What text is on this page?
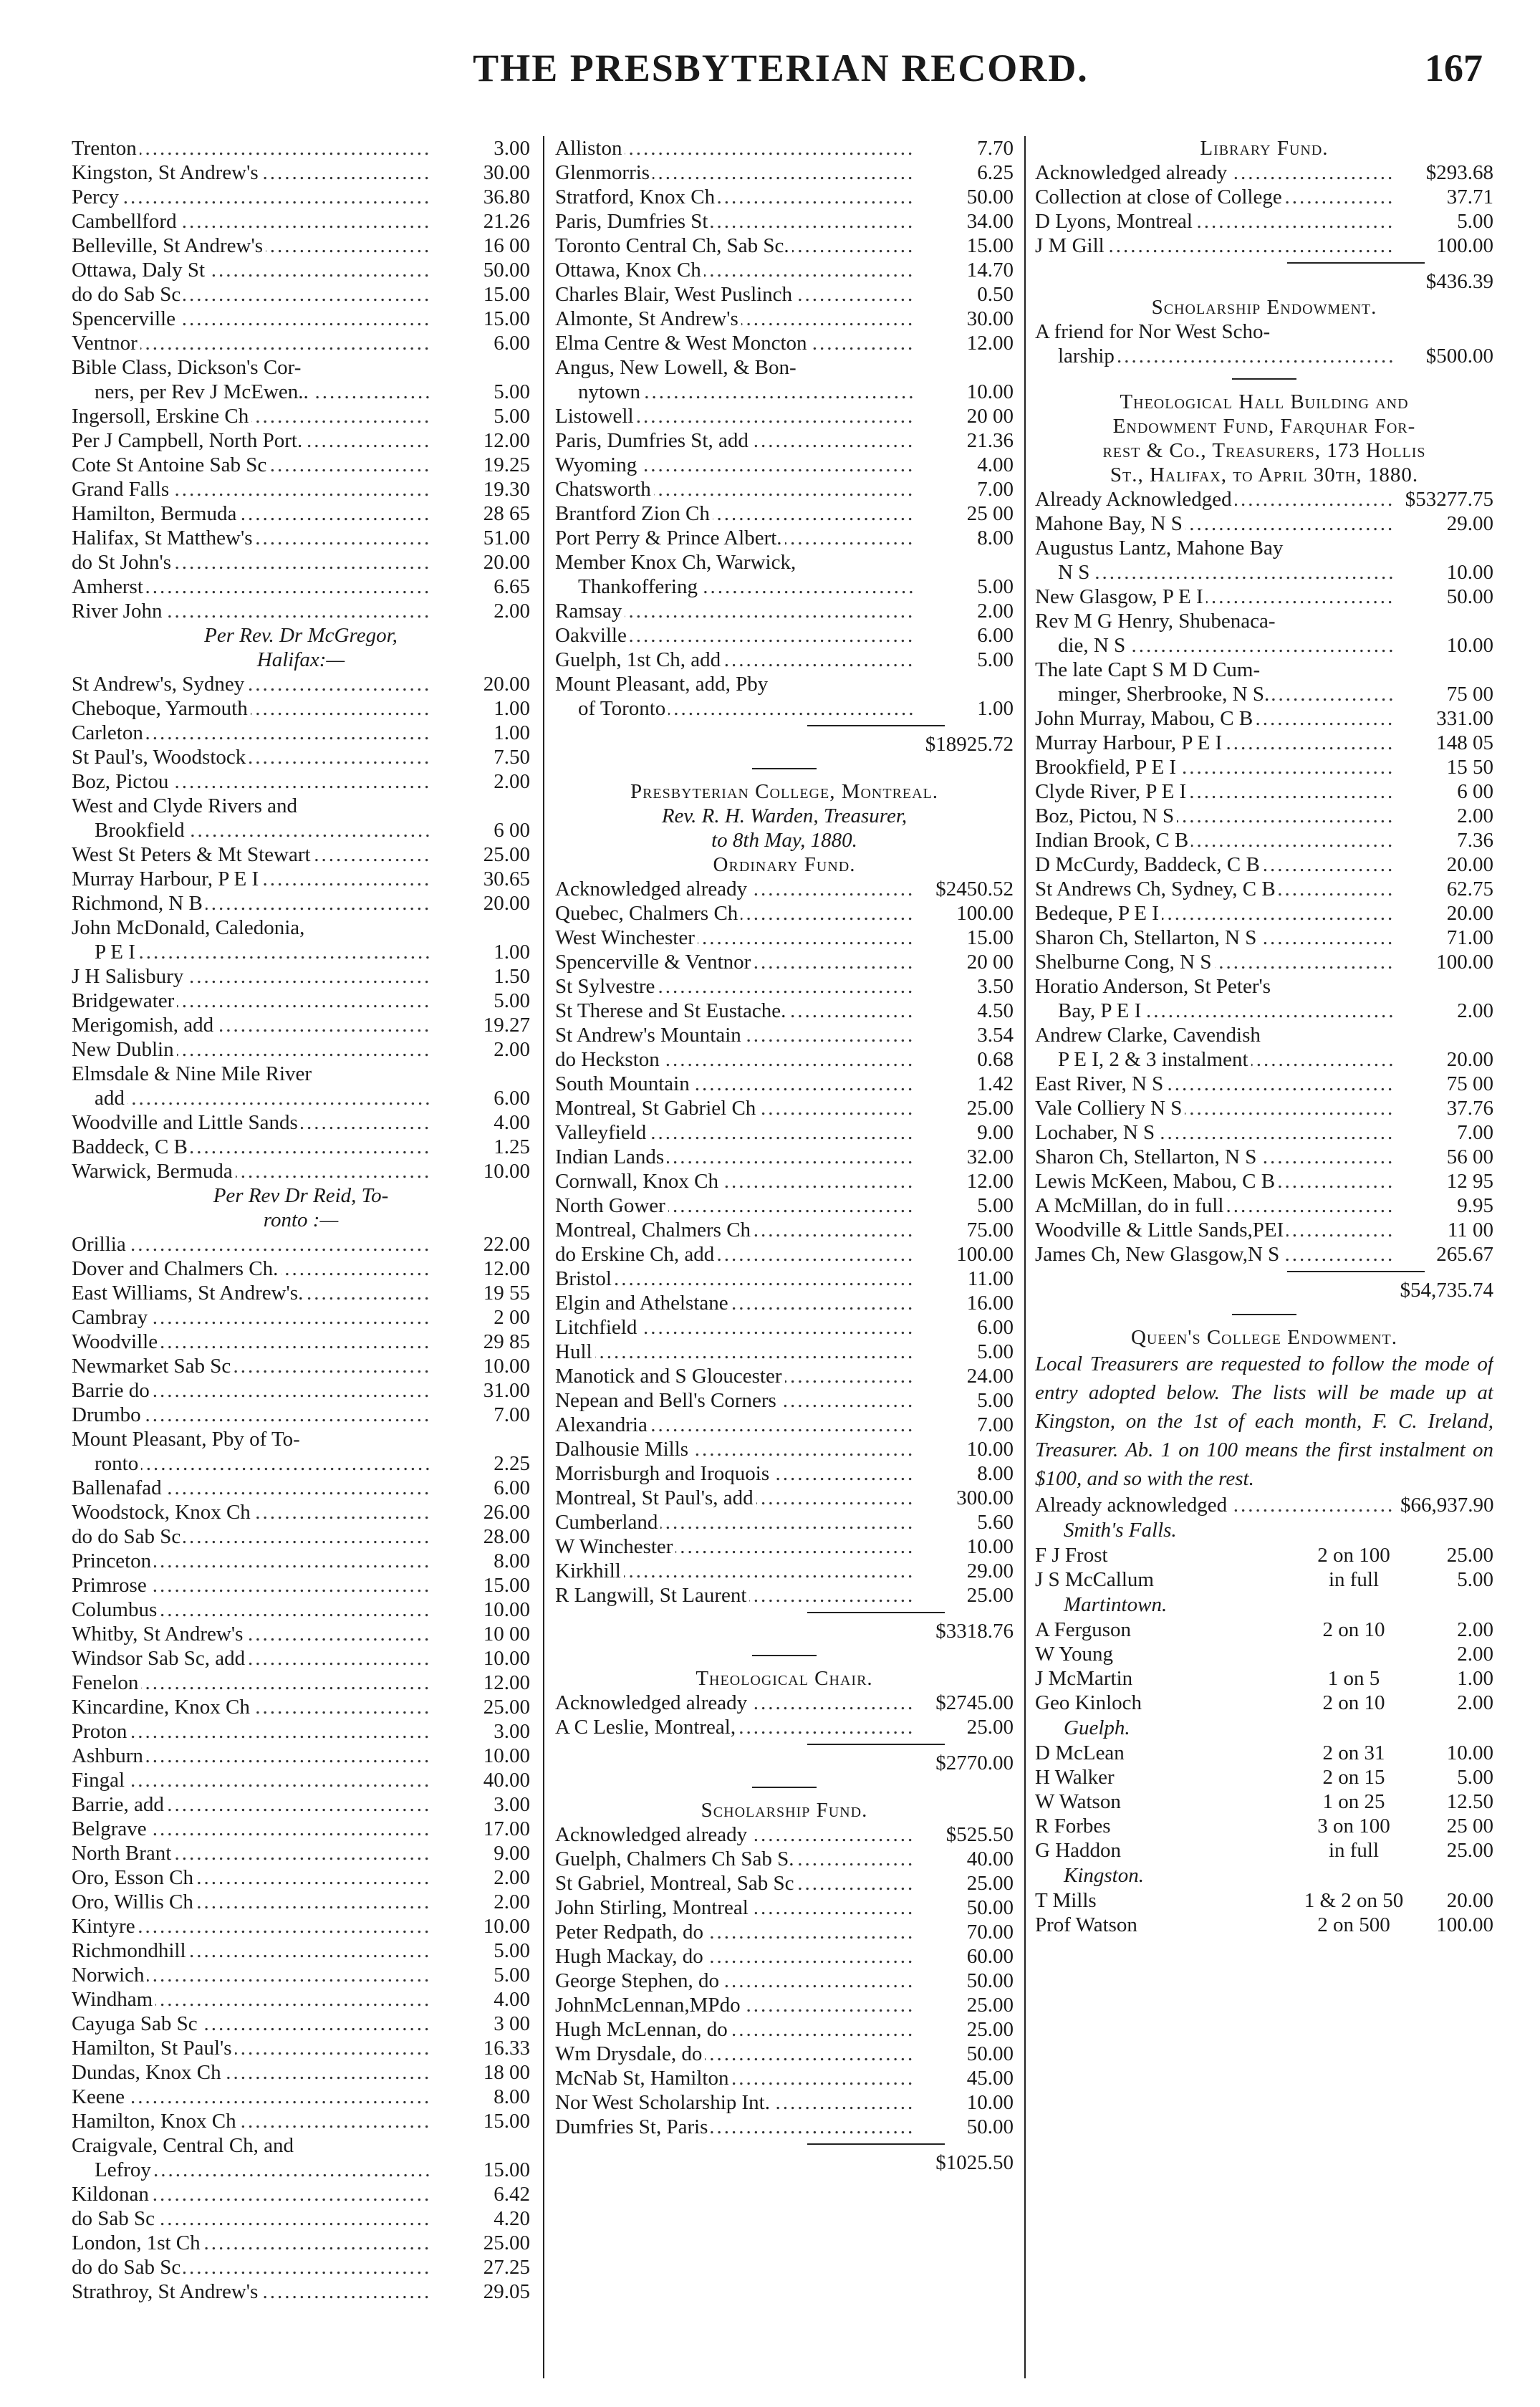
THE PRESBYTERIAN RECORD.	167
Trenton .....	3.00
Kingston, St Andrew's .....	30.00
Percy .....	36.80
Cambellford .....	21.26
Belleville, St Andrew's .....	16 00
Ottawa, Daly St .....	50.00
do do Sab Sc .....	15.00
Spencerville .....	15.00
Ventnor .....	6.00
Bible Class, Dickson's Cor-
ners, per Rev J McEwen.. .....	5.00
Ingersoll, Erskine Ch .....	5.00
Per J Campbell, North Port. .....	12.00
Cote St Antoine Sab Sc .....	19.25
Grand Falls .....	19.30
Hamilton, Bermuda .....	28 65
Halifax, St Matthew's .....	51.00
do St John's .....	20.00
Amherst .....	6.65
River John .....	2.00
Per Rev. Dr McGregor,
Halifax:—
St Andrew's, Sydney .....	20.00
Cheboque, Yarmouth .....	1.00
Carleton .....	1.00
St Paul's, Woodstock .....	7.50
Boz, Pictou .....	2.00
West and Clyde Rivers and
Brookfield .....	6 00
West St Peters & Mt Stewart .....	25.00
Murray Harbour, P E I .....	30.65
Richmond, N B .....	20.00
John McDonald, Caledonia,
P E I .....	1.00
J H Salisbury .....	1.50
Bridgewater .....	5.00
Merigomish, add .....	19.27
New Dublin .....	2.00
Elmsdale & Nine Mile River
add .....	6.00
Woodville and Little Sands .....	4.00
Baddeck, C B .....	1.25
Warwick, Bermuda .....	10.00
Per Rev Dr Reid, To-
ronto :—
Orillia .....	22.00
Dover and Chalmers Ch. .....	12.00
East Williams, St Andrew's. .....	19 55
Cambray .....	2 00
Woodville .....	29 85
Newmarket Sab Sc .....	10.00
Barrie do .....	31.00
Drumbo .....	7.00
Mount Pleasant, Pby of To-
ronto .....	2.25
Ballenafad .....	6.00
Woodstock, Knox Ch .....	26.00
do do Sab Sc .....	28.00
Princeton .....	8.00
Primrose .....	15.00
Columbus .....	10.00
Whitby, St Andrew's .....	10 00
Windsor Sab Sc, add .....	10.00
Fenelon .....	12.00
Kincardine, Knox Ch .....	25.00
Proton .....	3.00
Ashburn .....	10.00
Fingal .....	40.00
Barrie, add .....	3.00
Belgrave .....	17.00
North Brant .....	9.00
Oro, Esson Ch .....	2.00
Oro, Willis Ch .....	2.00
Kintyre .....	10.00
Richmondhill .....	5.00
Norwich .....	5.00
Windham .....	4.00
Cayuga Sab Sc .....	3 00
Hamilton, St Paul's .....	16.33
Dundas, Knox Ch .....	18 00
Keene .....	8.00
Hamilton, Knox Ch .....	15.00
Craigvale, Central Ch, and
Lefroy .....	15.00
Kildonan .....	6.42
do Sab Sc .....	4.20
London, 1st Ch .....	25.00
do do Sab Sc .....	27.25
Strathroy, St Andrew's .....	29.05
Alliston .....	7.70
Glenmorris .....	6.25
Stratford, Knox Ch .....	50.00
Paris, Dumfries St .....	34.00
Toronto Central Ch, Sab Sc. .....	15.00
Ottawa, Knox Ch .....	14.70
Charles Blair, West Puslinch .....	0.50
Almonte, St Andrew's .....	30.00
Elma Centre & West Moncton .....	12.00
Angus, New Lowell, & Bon-
nytown .....	10.00
Listowell .....	20 00
Paris, Dumfries St, add .....	21.36
Wyoming .....	4.00
Chatsworth .....	7.00
Brantford Zion Ch .....	25 00
Port Perry & Prince Albert. .....	8.00
Member Knox Ch, Warwick,
Thankoffering .....	5.00
Ramsay .....	2.00
Oakville .....	6.00
Guelph, 1st Ch, add .....	5.00
Mount Pleasant, add, Pby
of Toronto .....	1.00
$18925.72
Presbyterian College, Montreal.
Rev. R. H. Warden, Treasurer,
to 8th May, 1880.
Ordinary Fund.
Acknowledged already .....	$2450.52
Quebec, Chalmers Ch .....	100.00
West Winchester .....	15.00
Spencerville & Ventnor .....	20 00
St Sylvestre .....	3.50
St Therese and St Eustache. .....	4.50
St Andrew's Mountain .....	3.54
do Heckston .....	0.68
South Mountain .....	1.42
Montreal, St Gabriel Ch .....	25.00
Valleyfield .....	9.00
Indian Lands .....	32.00
Cornwall, Knox Ch .....	12.00
North Gower .....	5.00
Montreal, Chalmers Ch .....	75.00
do Erskine Ch, add .....	100.00
Bristol .....	11.00
Elgin and Athelstane .....	16.00
Litchfield .....	6.00
Hull .....	5.00
Manotick and S Gloucester .....	24.00
Nepean and Bell's Corners .....	5.00
Alexandria .....	7.00
Dalhousie Mills .....	10.00
Morrisburgh and Iroquois .....	8.00
Montreal, St Paul's, add .....	300.00
Cumberland .....	5.60
W Winchester .....	10.00
Kirkhill .....	29.00
R Langwill, St Laurent .....	25.00
$3318.76
Theological Chair.
Acknowledged already .....	$2745.00
A C Leslie, Montreal, .....	25.00
$2770.00
Scholarship Fund.
Acknowledged already .....	$525.50
Guelph, Chalmers Ch Sab S. .....	40.00
St Gabriel, Montreal, Sab Sc .....	25.00
John Stirling, Montreal .....	50.00
Peter Redpath, do .....	70.00
Hugh Mackay, do .....	60.00
George Stephen, do .....	50.00
JohnMcLennan,MPdo .....	25.00
Hugh McLennan, do .....	25.00
Wm Drysdale, do .....	50.00
McNab St, Hamilton .....	45.00
Nor West Scholarship Int. .....	10.00
Dumfries St, Paris .....	50.00
$1025.50
Library Fund.
Acknowledged already .....	$293.68
Collection at close of College .....	37.71
D Lyons, Montreal .....	5.00
J M Gill .....	100.00
$436.39
Scholarship Endowment.
A friend for Nor West Scho-
larship .....	$500.00
Theological Hall Building and
Endowment Fund, Farquhar For-
rest & Co., Treasurers, 173 Hollis
St., Halifax, to April 30th, 1880.
Already Acknowledged .....	$53277.75
Mahone Bay, N S .....	29.00
Augustus Lantz, Mahone Bay
N S .....	10.00
New Glasgow, P E I .....	50.00
Rev M G Henry, Shubenaca-
die, N S .....	10.00
The late Capt S M D Cum-
minger, Sherbrooke, N S. .....	75 00
John Murray, Mabou, C B .....	331.00
Murray Harbour, P E I .....	148 05
Brookfield, P E I .....	15 50
Clyde River, P E I .....	6 00
Boz, Pictou, N S .....	2.00
Indian Brook, C B .....	7.36
D McCurdy, Baddeck, C B .....	20.00
St Andrews Ch, Sydney, C B .....	62.75
Bedeque, P E I .....	20.00
Sharon Ch, Stellarton, N S .....	71.00
Shelburne Cong, N S .....	100.00
Horatio Anderson, St Peter's
Bay, P E I .....	2.00
Andrew Clarke, Cavendish
P E I, 2 & 3 instalment .....	20.00
East River, N S .....	75 00
Vale Colliery N S .....	37.76
Lochaber, N S .....	7.00
Sharon Ch, Stellarton, N S .....	56 00
Lewis McKeen, Mabou, C B .....	12 95
A McMillan, do in full .....	9.95
Woodville & Little Sands,PEI .....	11 00
James Ch, New Glasgow,N S .....	265.67
$54,735.74
Queen's College Endowment.
Local Treasurers are requested to follow the mode of entry adopted below. The lists will be made up at Kingston, on the 1st of each month, F. C. Ireland, Treasurer. Ab. 1 on 100 means the first instalment on $100, and so with the rest.
Already acknowledged .....	$66,937.90
Smith's Falls.
F J Frost	2 on 100	25.00
J S McCallum	in full	5.00
Martintown.
A Ferguson	2 on 10	2.00
W Young	2.00
J McMartin	1 on 5	1.00
Geo Kinloch	2 on 10	2.00
Guelph.
D McLean	2 on 31	10.00
H Walker	2 on 15	5.00
W Watson	1 on 25	12.50
R Forbes	3 on 100	25 00
G Haddon	in full	25.00
Kingston.
T Mills	1 & 2 on 50	20.00
Prof Watson	2 on 500	100.00
